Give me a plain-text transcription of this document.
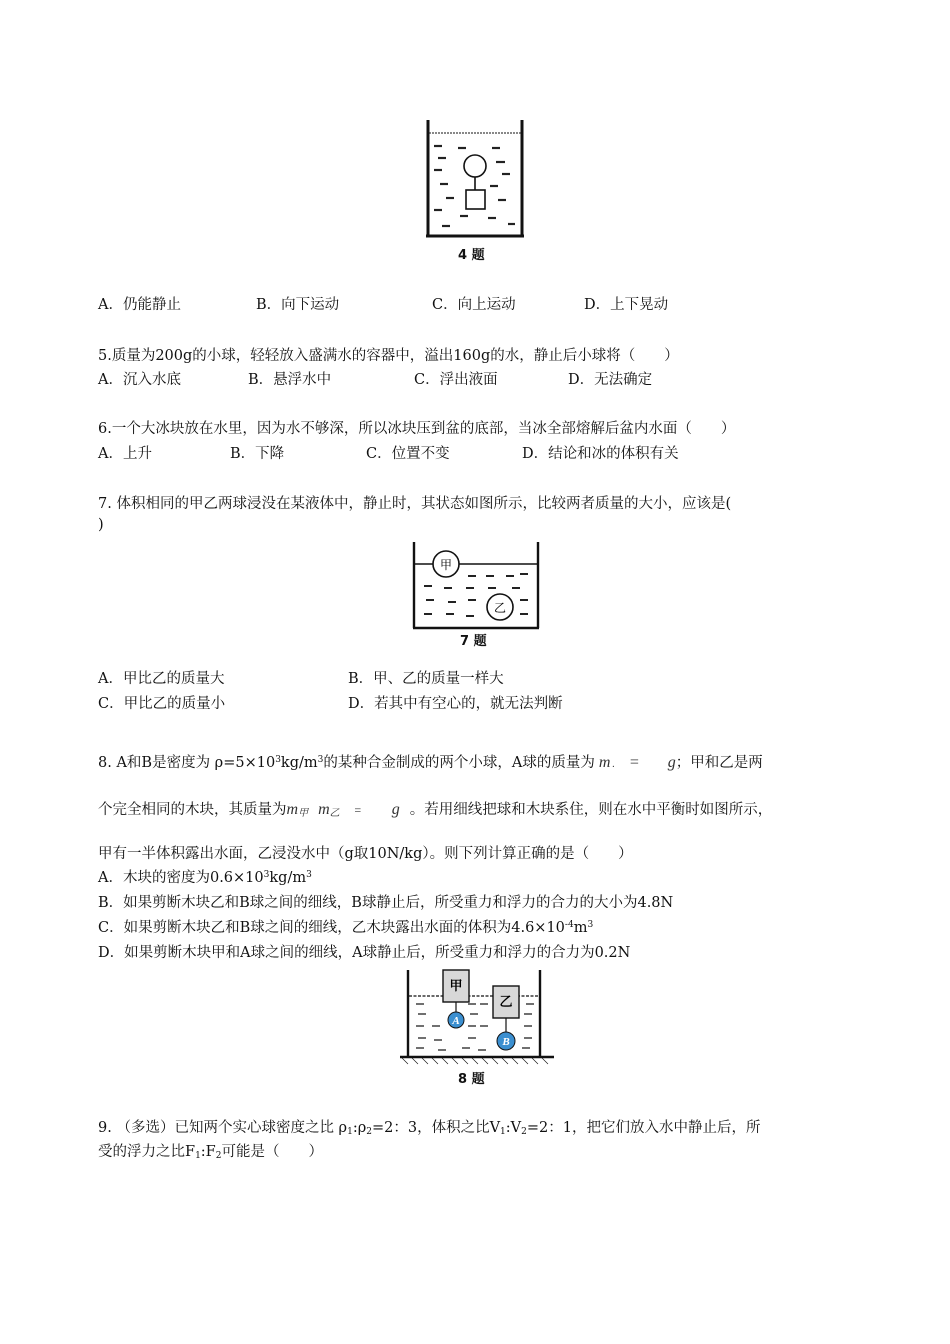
4 题
A．仍能静止	B．向下运动	C．向上运动	D．上下晃动
5.质量为200g的小球，轻轻放入盛满水的容器中，溢出160g的水，静止后小球将（　　）
A．沉入水底	B．悬浮水中	C．浮出液面	D．无法确定
6.一个大冰块放在水里，因为水不够深，所以冰块压到盆的底部，当冰全部熔解后盆内水面（　　）
A．上升	B．下降	C．位置不变	D．结论和冰的体积有关
7. 体积相同的甲乙两球浸没在某液体中，静止时，其状态如图所示，比较两者质量的大小，应该是(
)
甲
乙
7 题
A．甲比乙的质量大	B．甲、乙的质量一样大
C．甲比乙的质量小	D．若其中有空心的，就无法判断
8. A和B是密度为 $\rho=5\times 10^3kg/m^3$的某种合金制成的两个小球，A球的质量为 m . = g；甲和乙是两
个完全相同的木块，其质量为$m_甲$ $m_乙 = g$ 。若用细线把球和木块系住，则在水中平衡时如图所示，
甲有一半体积露出水面，乙浸没水中（g取10N/kg）。则下列计算正确的是（　　）
A．木块的密度为$0.6\times 10^3kg/m^3$
B．如果剪断木块乙和B球之间的细线，B球静止后，所受重力和浮力的合力的大小为4.8N
C．如果剪断木块乙和B球之间的细线，乙木块露出水面的体积为$4.6\times 10^{-4}m^3$
D．如果剪断木块甲和A球之间的细线，A球静止后，所受重力和浮力的合力为0.2N
甲
A
乙
B
8 题
9. （多选）已知两个实心球密度之比 $\rho_1:\rho_2=2$：3，体积之比$V_1:V_2=2$：1，把它们放入水中静止后，所
受的浮力之比$F_1:F_2$可能是（　　）
